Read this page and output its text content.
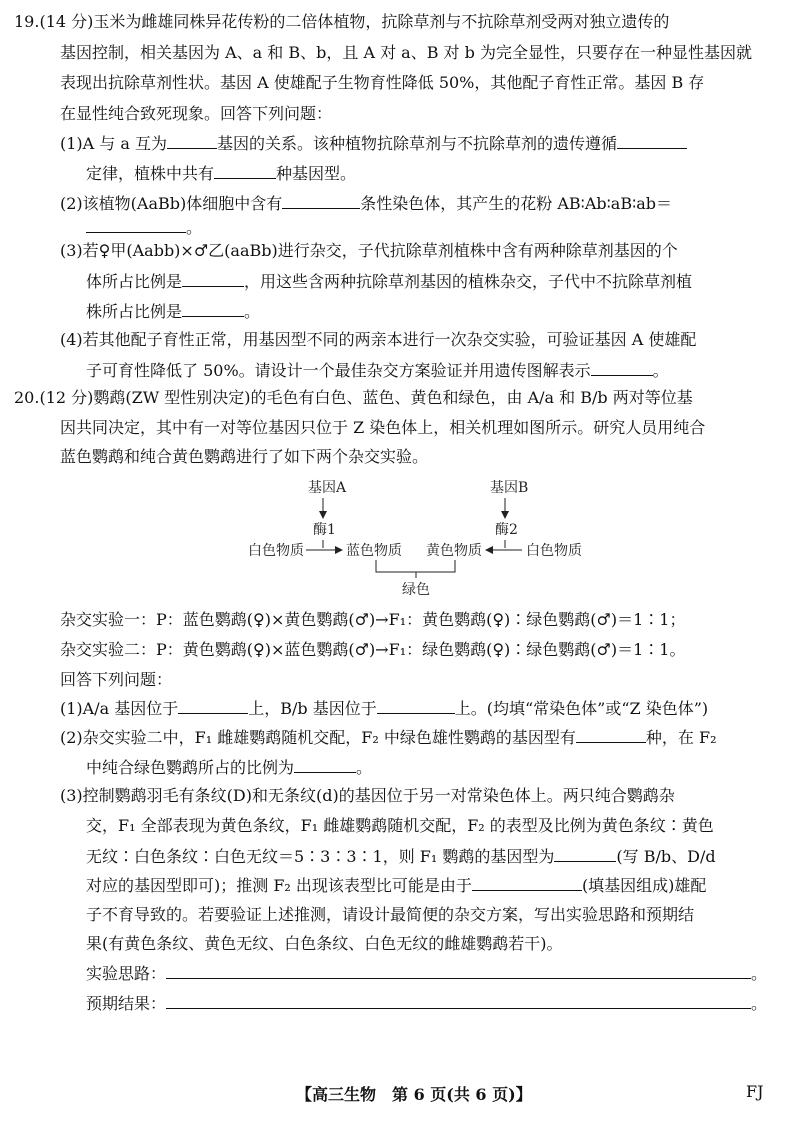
19.(14 分)玉米为雌雄同株异花传粉的二倍体植物，抗除草剂与不抗除草剂受两对独立遗传的
基因控制，相关基因为 A、a 和 B、b，且 A 对 a、B 对 b 为完全显性，只要存在一种显性基因就
表现出抗除草剂性状。基因 A 使雄配子生物育性降低 50%，其他配子育性正常。基因 B 存
在显性纯合致死现象。回答下列问题：
(1)A 与 a 互为	基因的关系。该种植物抗除草剂与不抗除草剂的遗传遵循
定律，植株中共有	种基因型。
(2)该植物(AaBb)体细胞中含有	条性染色体，其产生的花粉 AB∶Ab∶aB∶ab＝
。
(3)若♀甲(Aabb)×♂乙(aaBb)进行杂交，子代抗除草剂植株中含有两种除草剂基因的个
体所占比例是	，用这些含两种抗除草剂基因的植株杂交，子代中不抗除草剂植
株所占比例是	。
(4)若其他配子育性正常，用基因型不同的两亲本进行一次杂交实验，可验证基因 A 使雄配
子可育性降低了 50%。请设计一个最佳杂交方案验证并用遗传图解表示	。
20.(12 分)鹦鹉(ZW 型性别决定)的毛色有白色、蓝色、黄色和绿色，由 A/a 和 B/b 两对等位基
因共同决定，其中有一对等位基因只位于 Z 染色体上，相关机理如图所示。研究人员用纯合
蓝色鹦鹉和纯合黄色鹦鹉进行了如下两个杂交实验。
基因A
酶1
基因B
酶2
白色物质	蓝色物质 黄色物质	白色物质
绿色
杂交实验一：P：蓝色鹦鹉(♀)×黄色鹦鹉(♂)→F₁：黄色鹦鹉(♀)∶绿色鹦鹉(♂)＝1∶1；
杂交实验二：P：黄色鹦鹉(♀)×蓝色鹦鹉(♂)→F₁：绿色鹦鹉(♀)∶绿色鹦鹉(♂)＝1∶1。
回答下列问题：
(1)A/a 基因位于	上，B/b 基因位于	上。(均填“常染色体”或“Z 染色体”)
(2)杂交实验二中，F₁ 雌雄鹦鹉随机交配，F₂ 中绿色雄性鹦鹉的基因型有	种，在 F₂
中纯合绿色鹦鹉所占的比例为	。
(3)控制鹦鹉羽毛有条纹(D)和无条纹(d)的基因位于另一对常染色体上。两只纯合鹦鹉杂
交，F₁ 全部表现为黄色条纹，F₁ 雌雄鹦鹉随机交配，F₂ 的表型及比例为黄色条纹∶黄色
无纹∶白色条纹∶白色无纹＝5∶3∶3∶1，则 F₁ 鹦鹉的基因型为	(写 B/b、D/d
对应的基因型即可)；推测 F₂ 出现该表型比可能是由于	(填基因组成)雄配
子不育导致的。若要验证上述推测，请设计最简便的杂交方案，写出实验思路和预期结
果(有黄色条纹、黄色无纹、白色条纹、白色无纹的雌雄鹦鹉若干)。
实验思路：	。
预期结果：	。
【高三生物　第 6 页(共 6 页)】	FJ
